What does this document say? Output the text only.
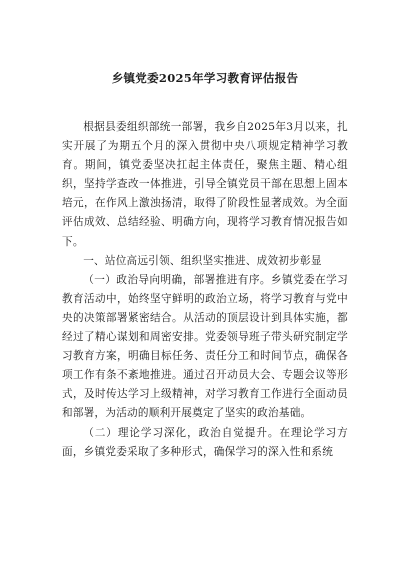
乡镇党委2025年学习教育评估报告

根据县委组织部统一部署，我乡自2025年3月以来，扎实开展了为期五个月的深入贯彻中央八项规定精神学习教育。期间，镇党委坚决扛起主体责任，聚焦主题、精心组织，坚持学查改一体推进，引导全镇党员干部在思想上固本培元，在作风上激浊扬清，取得了阶段性显著成效。为全面评估成效、总结经验、明确方向，现将学习教育情况报告如下。

一、站位高远引领、组织坚实推进、成效初步彰显

（一）政治导向明确，部署推进有序。乡镇党委在学习教育活动中，始终坚守鲜明的政治立场，将学习教育与党中央的决策部署紧密结合。从活动的顶层设计到具体实施，都经过了精心谋划和周密安排。党委领导班子带头研究制定学习教育方案，明确目标任务、责任分工和时间节点，确保各项工作有条不紊地推进。通过召开动员大会、专题会议等形式，及时传达学习上级精神，对学习教育工作进行全面动员和部署，为活动的顺利开展奠定了坚实的政治基础。

（二）理论学习深化，政治自觉提升。在理论学习方面，乡镇党委采取了多种形式，确保学习的深入性和系统
